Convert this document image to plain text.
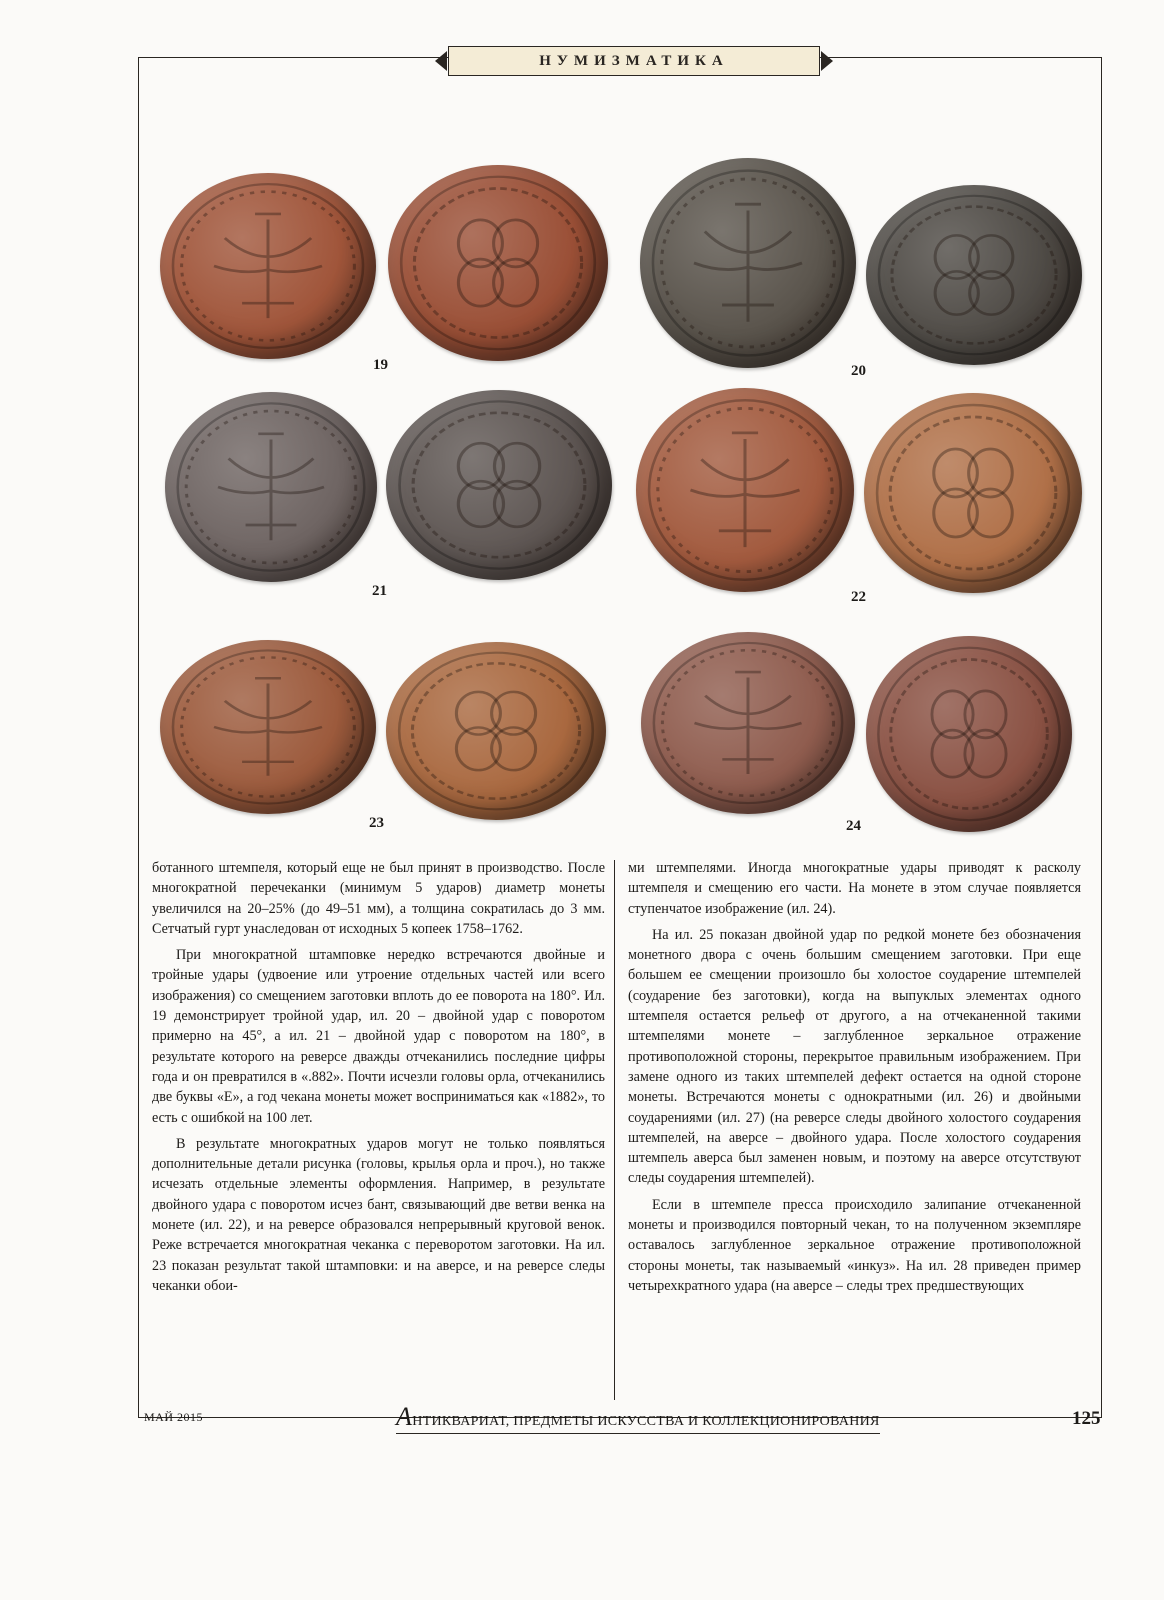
НУМИЗМАТИКА
19	20
21	22
23	24

ботанного штемпеля, который еще не был принят в производство. После многократной перечеканки (минимум 5 ударов) диаметр монеты увеличился на 20–25% (до 49–51 мм), а толщина сократилась до 3 мм. Сетчатый гурт унаследован от исходных 5 копеек 1758–1762.

При многократной штамповке нередко встречаются двойные и тройные удары (удвоение или утроение отдельных частей или всего изображения) со смещением заготовки вплоть до ее поворота на 180°. Ил. 19 демонстрирует тройной удар, ил. 20 – двойной удар с поворотом примерно на 45°, а ил. 21 – двойной удар с поворотом на 180°, в результате которого на реверсе дважды отчеканились последние цифры года и он превратился в «.882». Почти исчезли головы орла, отчеканились две буквы «Е», а год чекана монеты может восприниматься как «1882», то есть с ошибкой на 100 лет.

В результате многократных ударов могут не только появляться дополнительные детали рисунка (головы, крылья орла и проч.), но также исчезать отдельные элементы оформления. Например, в результате двойного удара с поворотом исчез бант, связывающий две ветви венка на монете (ил. 22), и на реверсе образовался непрерывный круговой венок. Реже встречается многократная чеканка с переворотом заготовки. На ил. 23 показан результат такой штамповки: и на аверсе, и на реверсе следы чеканки обои-

ми штемпелями. Иногда многократные удары приводят к расколу штемпеля и смещению его части. На монете в этом случае появляется ступенчатое изображение (ил. 24).

На ил. 25 показан двойной удар по редкой монете без обозначения монетного двора с очень большим смещением заготовки. При еще большем ее смещении произошло бы холостое соударение штемпелей (соударение без заготовки), когда на выпуклых элементах одного штемпеля остается рельеф от другого, а на отчеканенной такими штемпелями монете – заглубленное зеркальное отражение противоположной стороны, перекрытое правильным изображением. При замене одного из таких штемпелей дефект остается на одной стороне монеты. Встречаются монеты с однократными (ил. 26) и двойными соударениями (ил. 27) (на реверсе следы двойного холостого соударения штемпелей, на аверсе – двойного удара. После холостого соударения штемпель аверса был заменен новым, и поэтому на аверсе отсутствуют следы соударения штемпелей).

Если в штемпеле пресса происходило залипание отчеканенной монеты и производился повторный чекан, то на полученном экземпляре оставалось заглубленное зеркальное отражение противоположной стороны монеты, так называемый «инкуз». На ил. 28 приведен пример четырехкратного удара (на аверсе – следы трех предшествующих

МАЙ 2015	АНТИКВАРИАТ, ПРЕДМЕТЫ ИСКУССТВА И КОЛЛЕКЦИОНИРОВАНИЯ	125
